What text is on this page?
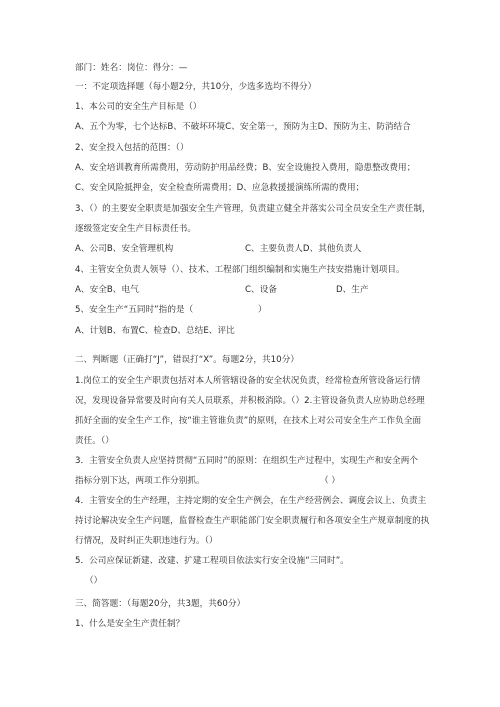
部门：姓名：岗位：得分：—
一：不定项选择题（每小题2分，共10分，少选多选均不得分）
1、本公司的安全生产目标是（）
A、五个为零，七个达标B、不破坏环境C、安全第一，预防为主D、预防为主、防消结合
2、安全投入包括的范围：（）
A、安全培训教育所需费用，劳动防护用品经费；B、安全设施投入费用，隐患整改费用；
C、安全风险抵押金，安全检查所需费用；D、应急救援援演练所需的费用；
3、（）的主要安全职责是加强安全生产管理，负责建立健全并落实公司全员安全生产责任制，
逐级签定安全生产目标责任书。
A、公司B、安全管理机构	C、主要负责人D、其他负责人
4、主管安全负责人领导（）、技术、工程部门组织编制和实施生产技安措施计划项目。
A、安全B、电气	C、设备	D、生产
5、安全生产“五同时”指的是（	）
A、计划B、布置C、检查D、总结E、评比
二、判断题（正确打“J”，错误打“X”。每题2分，共10分）
1.岗位工的安全生产职责包括对本人所管辖设备的安全状况负责，经常检查所管设备运行情
况，发现设备异常要及时向有关人员联系，并积极消除。（）2.主管设备负责人应协助总经理
抓好全面的安全生产工作，按“谁主管谁负责”的原则，在技术上对公司安全生产工作负全面
责任。（）
3．主管安全负责人应坚持贯彻“五同时”的原则：在组织生产过程中，实现生产和安全两个
指标分别下达，两项工作分别抓。	（ ）
4．主管安全的生产经理，主持定期的安全生产例会，在生产经营例会、调度会议上、负责主
持讨论解决安全生产问题，监督检查生产职能部门安全职责履行和各项安全生产规章制度的执
行情况，及时纠正失职违违行为。（）
5．公司应保证新建、改建、扩建工程项目依法实行安全设施“三同时”。
（）
三、简答题：（每题20分，共3题，共60分）
1、什么是安全生产责任制？
